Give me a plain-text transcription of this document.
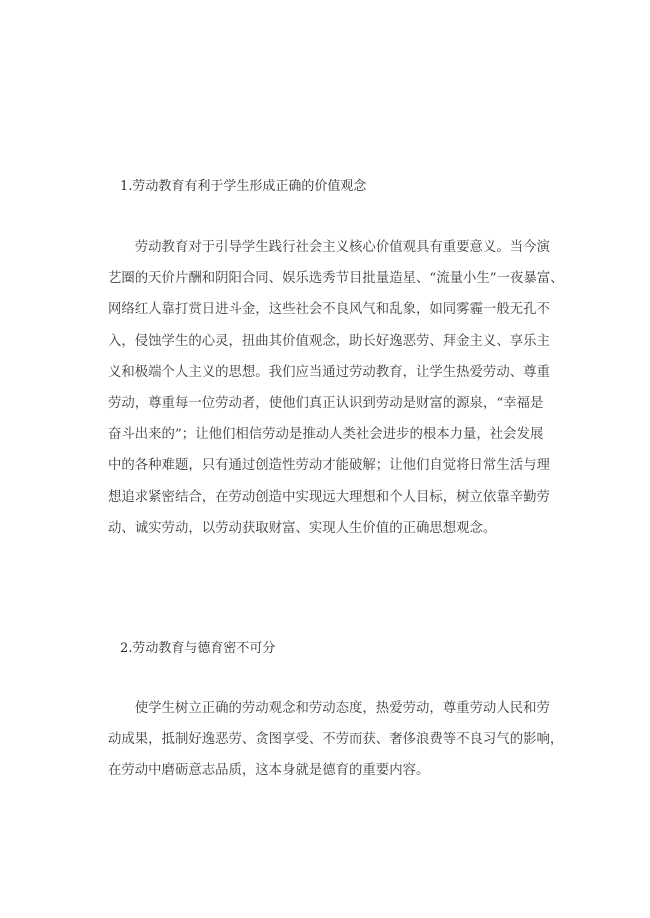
1.劳动教育有利于学生形成正确的价值观念
　　劳动教育对于引导学生践行社会主义核心价值观具有重要意义。当今演
艺圈的天价片酬和阴阳合同、娱乐选秀节目批量造星、“流量小生”一夜暴富、
网络红人靠打赏日进斗金，这些社会不良风气和乱象，如同雾霾一般无孔不
入，侵蚀学生的心灵，扭曲其价值观念，助长好逸恶劳、拜金主义、享乐主
义和极端个人主义的思想。我们应当通过劳动教育，让学生热爱劳动、尊重
劳动，尊重每一位劳动者，使他们真正认识到劳动是财富的源泉，“幸福是
奋斗出来的”；让他们相信劳动是推动人类社会进步的根本力量，社会发展
中的各种难题，只有通过创造性劳动才能破解；让他们自觉将日常生活与理
想追求紧密结合，在劳动创造中实现远大理想和个人目标，树立依靠辛勤劳
动、诚实劳动，以劳动获取财富、实现人生价值的正确思想观念。
2.劳动教育与德育密不可分
　　使学生树立正确的劳动观念和劳动态度，热爱劳动，尊重劳动人民和劳
动成果，抵制好逸恶劳、贪图享受、不劳而获、奢侈浪费等不良习气的影响，
在劳动中磨砺意志品质，这本身就是德育的重要内容。
